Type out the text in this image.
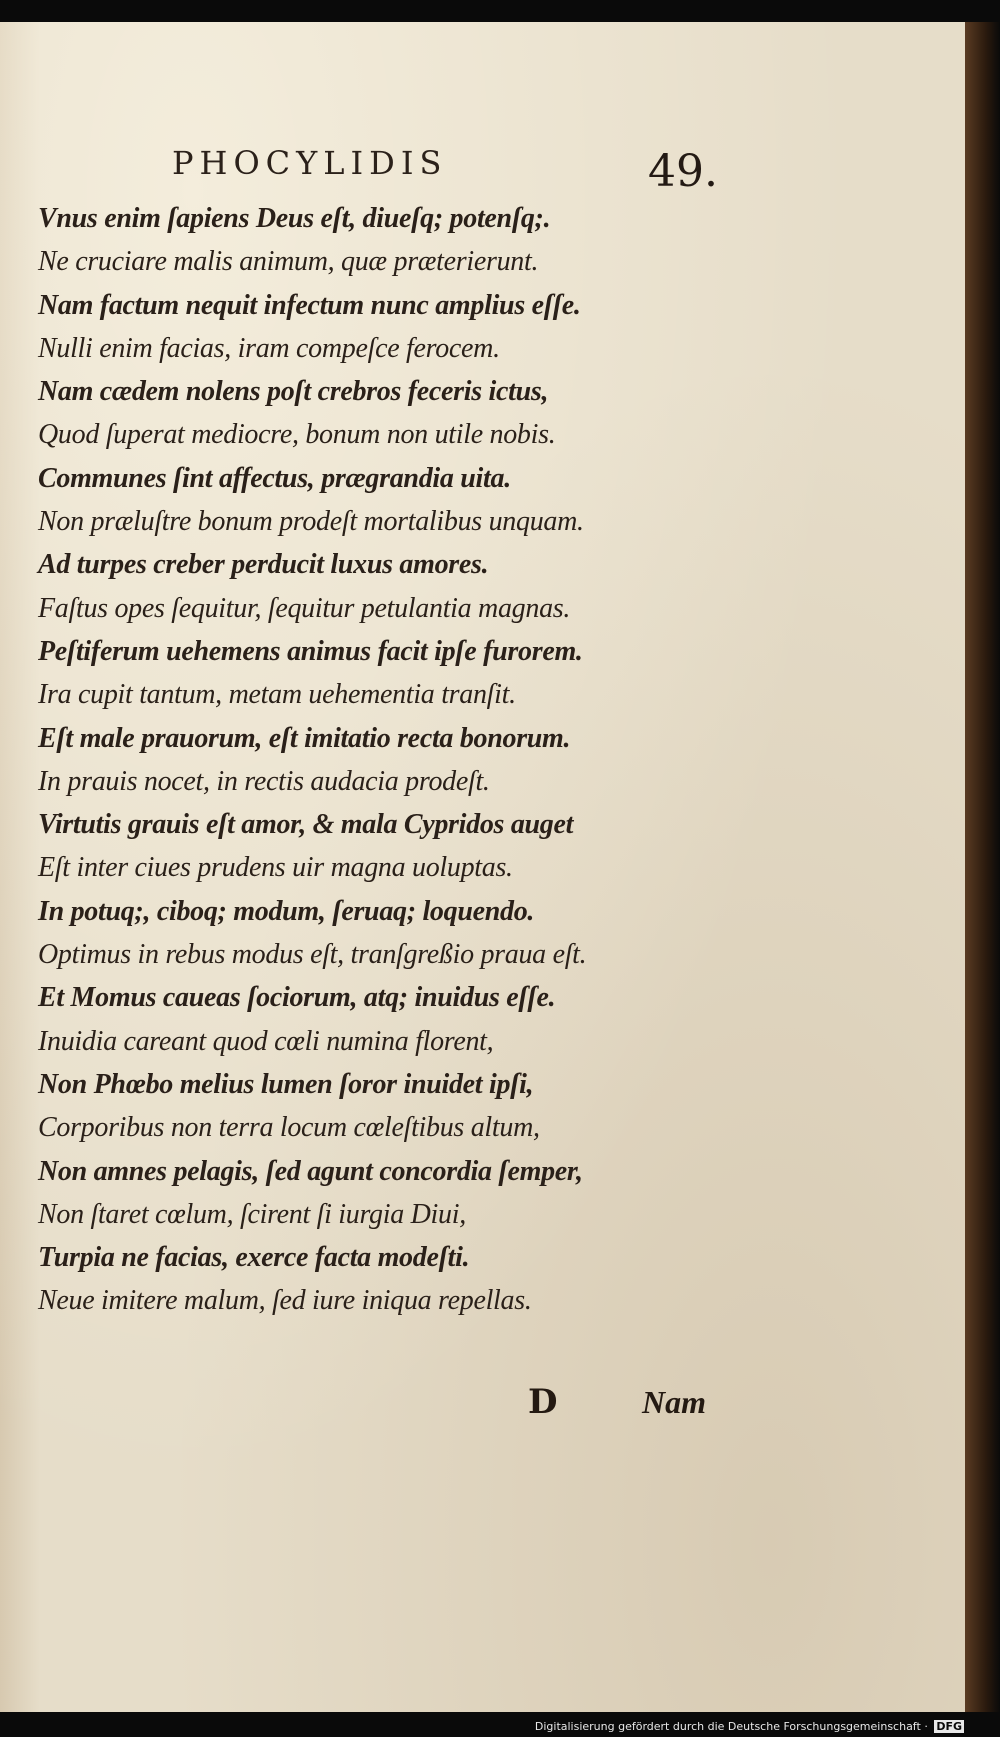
PHOCYLIDIS	49.
Vnus enim ſapiens Deus eſt, diueſq; potenſq;.
Ne cruciare malis animum, quæ præterierunt.
Nam factum nequit infectum nunc amplius eſſe.
Nulli enim facias, iram compeſce ferocem.
Nam cædem nolens poſt crebros feceris ictus,
Quod ſuperat mediocre, bonum non utile nobis.
Communes ſint affectus, prægrandia uita.
Non præluſtre bonum prodeſt mortalibus unquam.
Ad turpes creber perducit luxus amores.
Faſtus opes ſequitur, ſequitur petulantia magnas.
Peſtiferum uehemens animus facit ipſe furorem.
Ira cupit tantum, metam uehementia tranſit.
Eſt male prauorum, eſt imitatio recta bonorum.
In prauis nocet, in rectis audacia prodeſt.
Virtutis grauis eſt amor, & mala Cypridos auget
Eſt inter ciues prudens uir magna uoluptas.
In potuq;, ciboq; modum, ſeruaq; loquendo.
Optimus in rebus modus eſt, tranſgreßio praua eſt.
Et Momus caueas ſociorum, atq; inuidus eſſe.
Inuidia careant quod cœli numina florent,
Non Phœbo melius lumen ſoror inuidet ipſi,
Corporibus non terra locum cœleſtibus altum,
Non amnes pelagis, ſed agunt concordia ſemper,
Non ſtaret cœlum, ſcirent ſi iurgia Diui,
Turpia ne facias, exerce facta modeſti.
Neue imitere malum, ſed iure iniqua repellas.
D	Nam
Digitalisierung gefördert durch die Deutsche Forschungsgemeinschaft · DFG
